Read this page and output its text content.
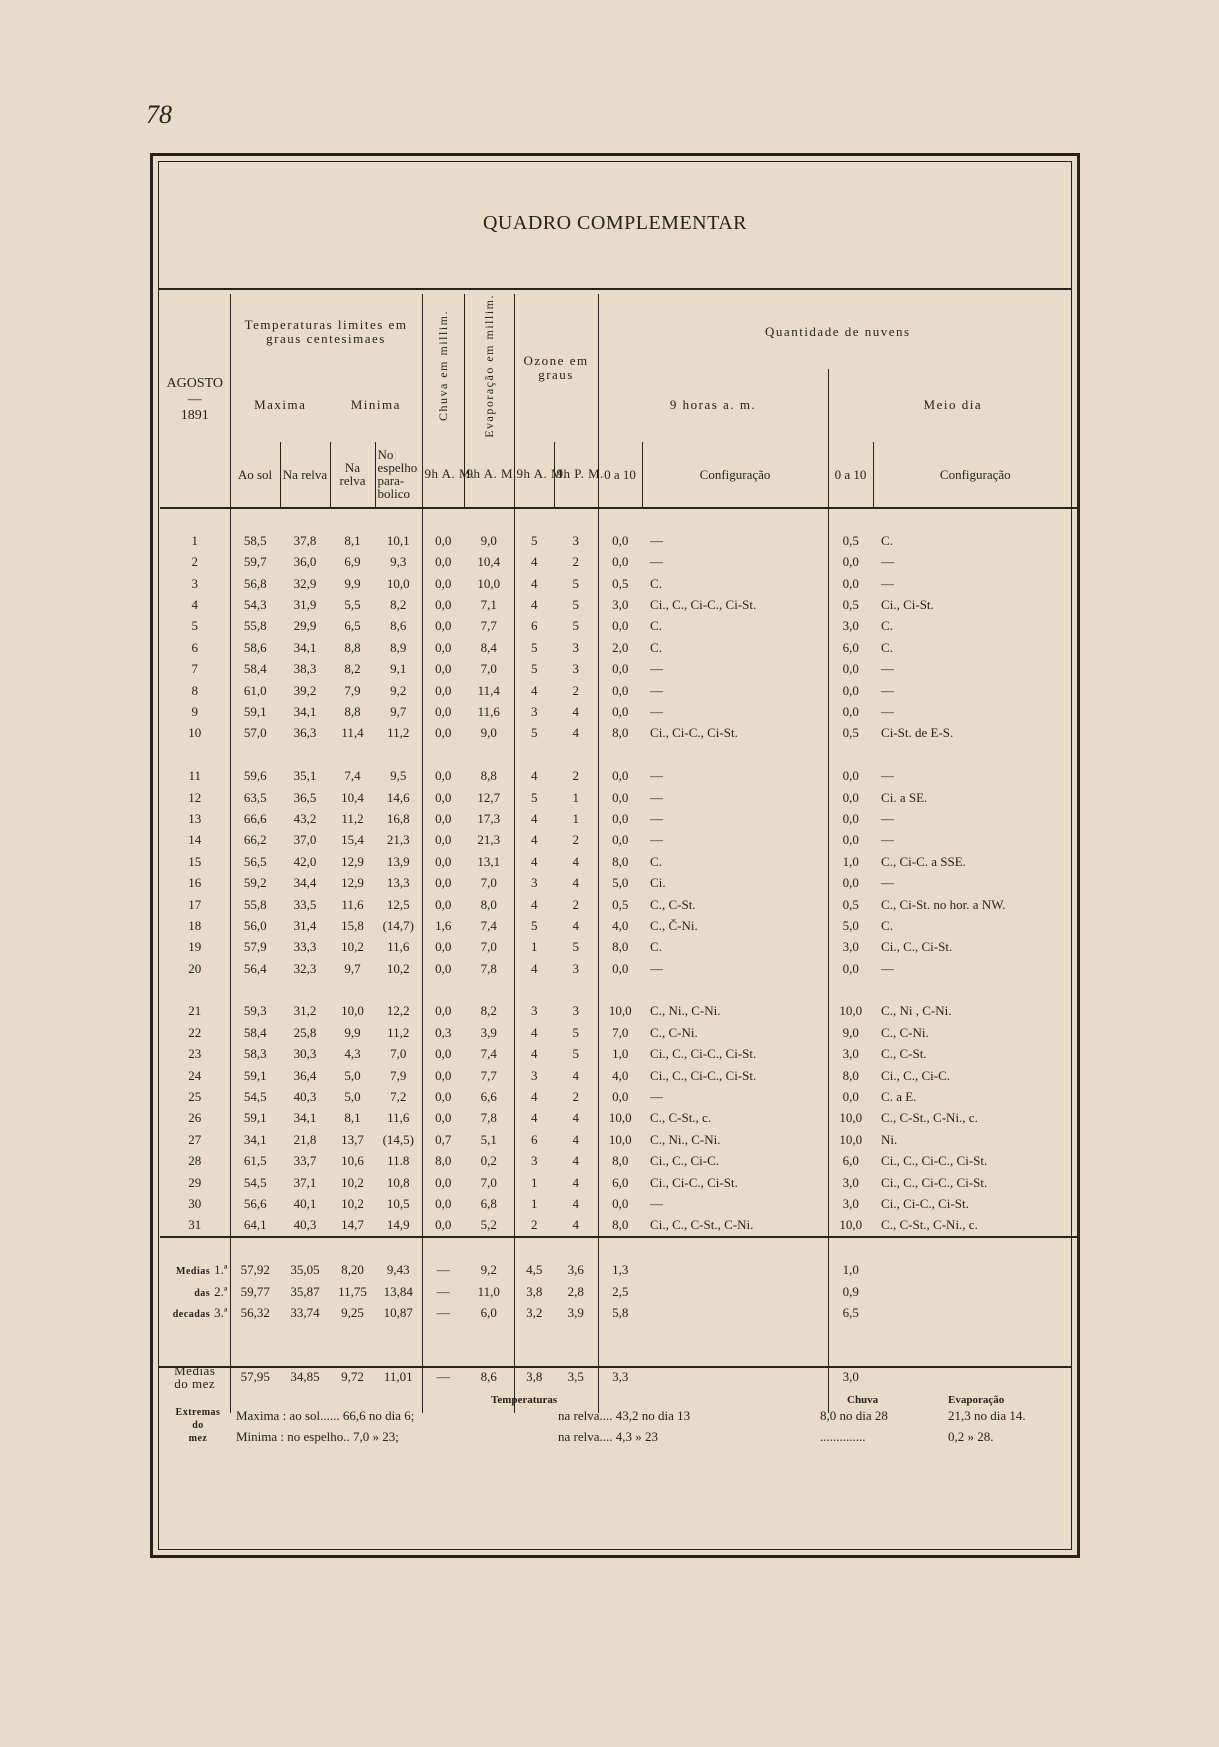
78
QUADRO COMPLEMENTAR
AGOSTO
—
1891	Temperaturas limites em graus centesimaes				Chuva em millim.	Evaporação em millim.	Ozone em graus		Quantidade de nuvens			
	Maxima		Minima						9 horas a. m.		Meio dia	
	Ao sol	Na relva	Na relva	No espelho para-bolico	9h A. M.	9h A. M.	9h A. M.	9h P. M.	0 a 10	Configuração	0 a 10	Configuração

1	58,5	37,8	8,1	10,1	0,0	9,0	5	3	0,0	—	0,5	C.
2	59,7	36,0	6,9	9,3	0,0	10,4	4	2	0,0	—	0,0	—
3	56,8	32,9	9,9	10,0	0,0	10,0	4	5	0,5	C.	0,0	—
4	54,3	31,9	5,5	8,2	0,0	7,1	4	5	3,0	Ci., C., Ci-C., Ci-St.	0,5	Ci., Ci-St.
5	55,8	29,9	6,5	8,6	0,0	7,7	6	5	0,0	C.	3,0	C.
6	58,6	34,1	8,8	8,9	0,0	8,4	5	3	2,0	C.	6,0	C.
7	58,4	38,3	8,2	9,1	0,0	7,0	5	3	0,0	—	0,0	—
8	61,0	39,2	7,9	9,2	0,0	11,4	4	2	0,0	—	0,0	—
9	59,1	34,1	8,8	9,7	0,0	11,6	3	4	0,0	—	0,0	—
10	57,0	36,3	11,4	11,2	0,0	9,0	5	4	8,0	Ci., Ci-C., Ci-St.	0,5	Ci-St. de E-S.

11	59,6	35,1	7,4	9,5	0,0	8,8	4	2	0,0	—	0,0	—
12	63,5	36,5	10,4	14,6	0,0	12,7	5	1	0,0	—	0,0	Ci. a SE.
13	66,6	43,2	11,2	16,8	0,0	17,3	4	1	0,0	—	0,0	—
14	66,2	37,0	15,4	21,3	0,0	21,3	4	2	0,0	—	0,0	—
15	56,5	42,0	12,9	13,9	0,0	13,1	4	4	8,0	C.	1,0	C., Ci-C. a SSE.
16	59,2	34,4	12,9	13,3	0,0	7,0	3	4	5,0	Ci.	0,0	—
17	55,8	33,5	11,6	12,5	0,0	8,0	4	2	0,5	C., C-St.	0,5	C., Ci-St. no hor. a NW.
18	56,0	31,4	15,8	(14,7)	1,6	7,4	5	4	4,0	C., Č-Ni.	5,0	C.
19	57,9	33,3	10,2	11,6	0,0	7,0	1	5	8,0	C.	3,0	Ci., C., Ci-St.
20	56,4	32,3	9,7	10,2	0,0	7,8	4	3	0,0	—	0,0	—

21	59,3	31,2	10,0	12,2	0,0	8,2	3	3	10,0	C., Ni., C-Ni.	10,0	C., Ni , C-Ni.
22	58,4	25,8	9,9	11,2	0,3	3,9	4	5	7,0	C., C-Ni.	9,0	C., C-Ni.
23	58,3	30,3	4,3	7,0	0,0	7,4	4	5	1,0	Ci., C., Ci-C., Ci-St.	3,0	C., C-St.
24	59,1	36,4	5,0	7,9	0,0	7,7	3	4	4,0	Ci., C., Ci-C., Ci-St.	8,0	Ci., C., Ci-C.
25	54,5	40,3	5,0	7,2	0,0	6,6	4	2	0,0	—	0,0	C. a E.
26	59,1	34,1	8,1	11,6	0,0	7,8	4	4	10,0	C., C-St., c.	10,0	C., C-St., C-Ni., c.
27	34,1	21,8	13,7	(14,5)	0,7	5,1	6	4	10,0	C., Ni., C-Ni.	10,0	Ni.
28	61,5	33,7	10,6	11.8	8,0	0,2	3	4	8,0	Ci., C., Ci-C.	6,0	Ci., C., Ci-C., Ci-St.
29	54,5	37,1	10,2	10,8	0,0	7,0	1	4	6,0	Ci., Ci-C., Ci-St.	3,0	Ci., C., Ci-C., Ci-St.
30	56,6	40,1	10,2	10,5	0,0	6,8	1	4	0,0	—	3,0	Ci., Ci-C., Ci-St.
31	64,1	40,3	14,7	14,9	0,0	5,2	2	4	8,0	Ci., C., C-St., C-Ni.	10,0	C., C-St., C-Ni., c.

Medias 1.ª	57,92	35,05	8,20	9,43	—	9,2	4,5	3,6	1,3		1,0	
das 2.ª	59,77	35,87	11,75	13,84	—	11,0	3,8	2,8	2,5		0,9	
decadas 3.ª	56,32	33,74	9,25	10,87	—	6,0	3,2	3,9	5,8		6,5	

Medias
do mez	57,95	34,85	9,72	11,01	—	8,6	3,8	3,5	3,3		3,0	

Temperaturas	Chuva	Evaporação
Extremas
do
mez
Maxima : ao sol...... 66,6 no dia 6;	na relva.... 43,2 no dia 13	8,0 no dia 28	21,3 no dia 14.
Minima : no espelho.. 7,0 » 23;	na relva.... 4,3 » 23	..............	0,2 » 28.
